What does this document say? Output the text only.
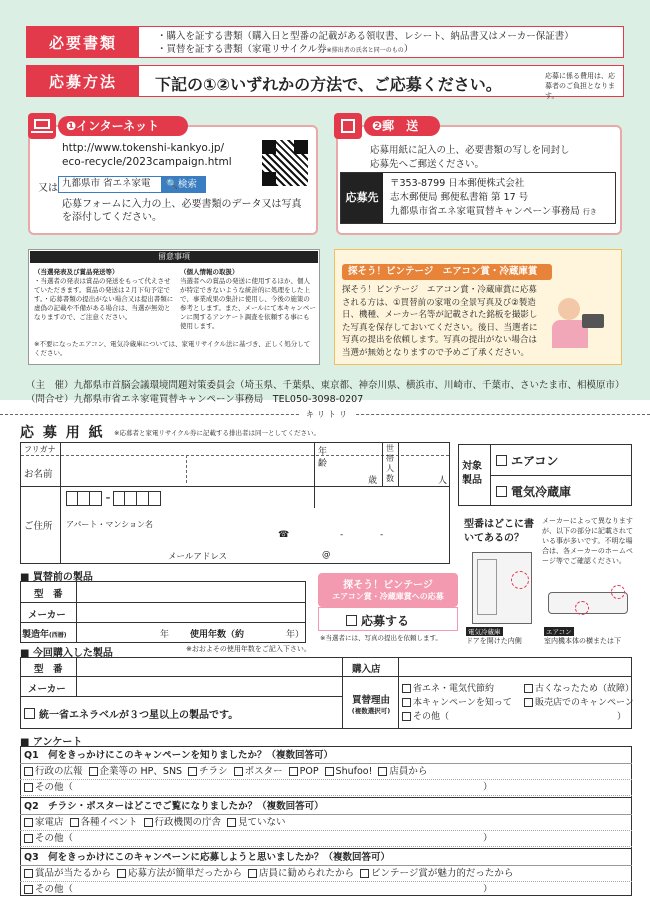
必要書類	・購入を証する書類（購入日と型番の記載がある領収書、レシート、納品書又はメーカー保証書）
・買替を証する書類（家電リサイクル券※排出者の氏名と同一のもの）
応募方法	下記の①②いずれかの方法で、ご応募ください。	応募に係る費用は、応募者のご負担となります。
❶インターネット
http://www.tokenshi-kankyo.jp/
eco-recycle/2023campaign.html
又は 九都県市 省エネ家電	🔍検索
応募フォームに入力の上、必要書類のデータ又は写真を添付してください。
❷郵　送
応募用紙に記入の上、必要書類の写しを同封し
応募先へご郵送ください。
応募先
〒353-8799 日本郵便株式会社
志木郵便局 郵便私書箱 第 17 号
九都県市省エネ家電買替キャンペーン事務局 行き
留意事項
（当選発表及び賞品発送等）
・当選者の発表は賞品の発送をもって代えさせていただきます。賞品の発送は２月下旬予定です。・応募書類の提出がない場合又は提出書類に虚偽の記載や不備がある場合は、当選が無効となりますので、ご注意ください。
（個人情報の取扱）
当選者への賞品の発送に使用するほか、個人が特定できないような統計的に処理をした上で、事業成果の集計に使用し、今後の施策の参考とします。また、メールにて本キャンペーンに関するアンケート調査を依頼する事にも使用します。
※不要になったエアコン、電気冷蔵庫については、家電リサイクル法に基づき、正しく処分してください。
探そう！ビンテージ　エアコン賞・冷蔵庫賞
探そう！ビンテージ　エアコン賞・冷蔵庫賞に応募される方は、①買替前の家電の全景写真及び②製造日、機種、メーカー名等が記載された銘板を撮影した写真を保存しておいてください。後日、当選者に写真の提出を依頼します。写真の提出がない場合は当選が無効となりますので予めご了承ください。
（主　催）九都県市首脳会議環境問題対策委員会（埼玉県、千葉県、東京都、神奈川県、横浜市、川崎市、千葉市、さいたま市、相模原市）
（問合せ）九都県市省エネ家電買替キャンペーン事務局　TEL050-3098-0207
キリトリ
応 募 用 紙 ※応募者と家電リサイクル券に記載する排出者は同一としてください。
フリガナ
お名前
年齢
歳
世帯人数	人
ご住所
-
アパート・マンション名
☎	-	-
メールアドレス	@
対象製品
エアコン
電気冷蔵庫
型番はどこに書いてあるの？
メーカーによって異なりますが、以下の部分に記載されている事が多いです。不明な場合は、各メーカーのホームページ等でご確認ください。
電気冷蔵庫
ドアを開けた内側
エアコン
室内機本体の横または下
■ 買替前の製品
型　番
メーカー
製造年(西暦)	年 使用年数（約	年）
※おおよその使用年数をご記入下さい。
探そう！ビンテージ
エアコン賞・冷蔵庫賞への応募
応募する
※当選者には、写真の提出を依頼します。
■ 今回購入した製品
型　番
メーカー
統一省エネラベルが３つ星以上の製品です。
購入店
買替理由
(複数選択可)
省エネ・電気代節約	古くなったため（故障）
本キャンペーンを知って	販売店でのキャンペーン
その他（	）
■ アンケート
Q1　何をきっかけにこのキャンペーンを知りましたか？（複数回答可）
行政の広報 企業等の HP、SNS チラシ ポスター POP Shufoo! 店員から
その他（	）
Q2　チラシ・ポスターはどこでご覧になりましたか？（複数回答可）
家電店 各種イベント 行政機関の庁舎 見ていない
その他（	）
Q3　何をきっかけにこのキャンペーンに応募しようと思いましたか？（複数回答可）
賞品が当たるから 応募方法が簡単だったから 店員に勧められたから ビンテージ賞が魅力的だったから
その他（	）
